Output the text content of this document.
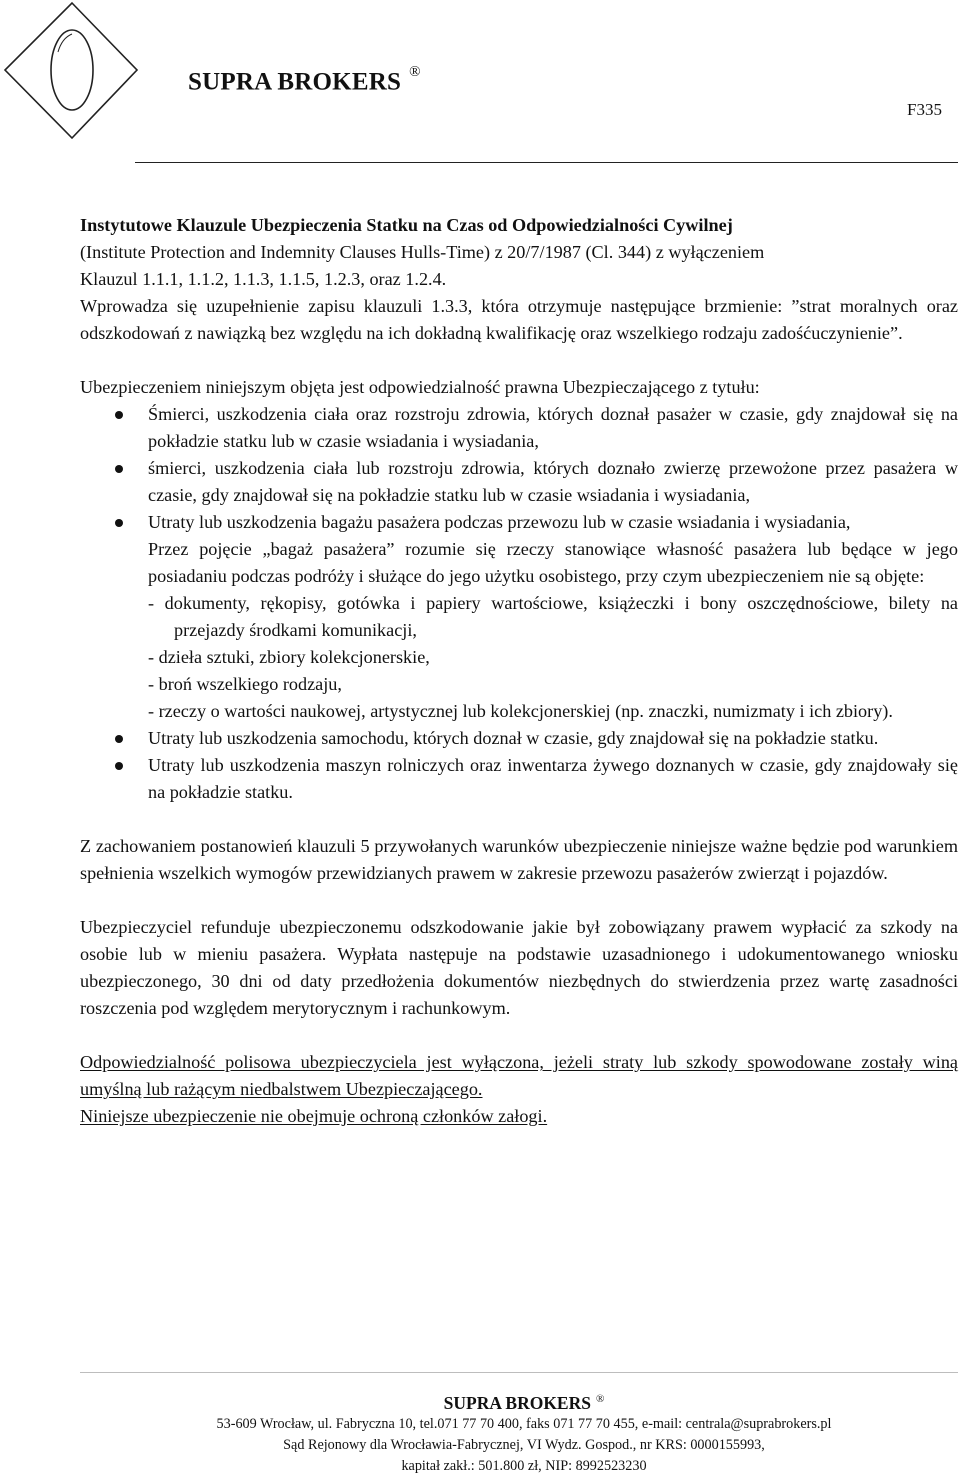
SUPRA BROKERS ®
F335

Instytutowe Klauzule Ubezpieczenia Statku na Czas od Odpowiedzialności Cywilnej

(Institute Protection and Indemnity Clauses Hulls-Time) z 20/7/1987 (Cl. 344) z wyłączeniem

Klauzul 1.1.1, 1.1.2, 1.1.3, 1.1.5, 1.2.3, oraz 1.2.4.

Wprowadza się uzupełnienie zapisu klauzuli 1.3.3, która otrzymuje następujące brzmienie: ”strat moralnych oraz odszkodowań z nawiązką bez względu na ich dokładną kwalifikację oraz wszelkiego rodzaju zadośćuczynienie”.

Ubezpieczeniem niniejszym objęta jest odpowiedzialność prawna Ubezpieczającego z tytułu:

Śmierci, uszkodzenia ciała oraz rozstroju zdrowia, których doznał pasażer w czasie, gdy znajdował się na pokładzie statku lub w czasie wsiadania i wysiadania,
śmierci, uszkodzenia ciała lub rozstroju zdrowia, których doznało zwierzę przewożone przez pasażera w czasie, gdy znajdował się na pokładzie statku lub w czasie wsiadania i wysiadania,
Utraty lub uszkodzenia bagażu pasażera podczas przewozu lub w czasie wsiadania i wysiadania,

Przez pojęcie „bagaż pasażera” rozumie się rzeczy stanowiące własność pasażera lub będące w jego posiadaniu podczas podróży i służące do jego użytku osobistego, przy czym ubezpieczeniem nie są objęte:

- dokumenty, rękopisy, gotówka i papiery wartościowe, książeczki i bony oszczędnościowe, bilety na przejazdy środkami komunikacji,

- dzieła sztuki, zbiory kolekcjonerskie,

- broń wszelkiego rodzaju,

- rzeczy o wartości naukowej, artystycznej lub kolekcjonerskiej (np. znaczki, numizmaty i ich zbiory).

Utraty lub uszkodzenia samochodu, których doznał w czasie, gdy znajdował się na pokładzie statku.
Utraty lub uszkodzenia maszyn rolniczych oraz inwentarza żywego doznanych w czasie, gdy znajdowały się na pokładzie statku.

Z zachowaniem postanowień klauzuli 5 przywołanych warunków ubezpieczenie niniejsze ważne będzie pod warunkiem spełnienia wszelkich wymogów przewidzianych prawem w zakresie przewozu pasażerów zwierząt i pojazdów.

Ubezpieczyciel refunduje ubezpieczonemu odszkodowanie jakie był zobowiązany prawem wypłacić za szkody na osobie lub w mieniu pasażera. Wypłata następuje na podstawie uzasadnionego i udokumentowanego wniosku ubezpieczonego, 30 dni od daty przedłożenia dokumentów niezbędnych do stwierdzenia przez wartę zasadności roszczenia pod względem merytorycznym i rachunkowym.

Odpowiedzialność polisowa ubezpieczyciela jest wyłączona, jeżeli straty lub szkody spowodowane zostały winą umyślną lub rażącym niedbalstwem Ubezpieczającego.

Niniejsze ubezpieczenie nie obejmuje ochroną członków załogi.

SUPRA BROKERS ®
53-609 Wrocław, ul. Fabryczna 10, tel.071 77 70 400, faks 071 77 70 455, e-mail: centrala@suprabrokers.pl
Sąd Rejonowy dla Wrocławia-Fabrycznej, VI Wydz. Gospod., nr KRS: 0000155993,
kapitał zakł.: 501.800 zł, NIP: 8992523230
